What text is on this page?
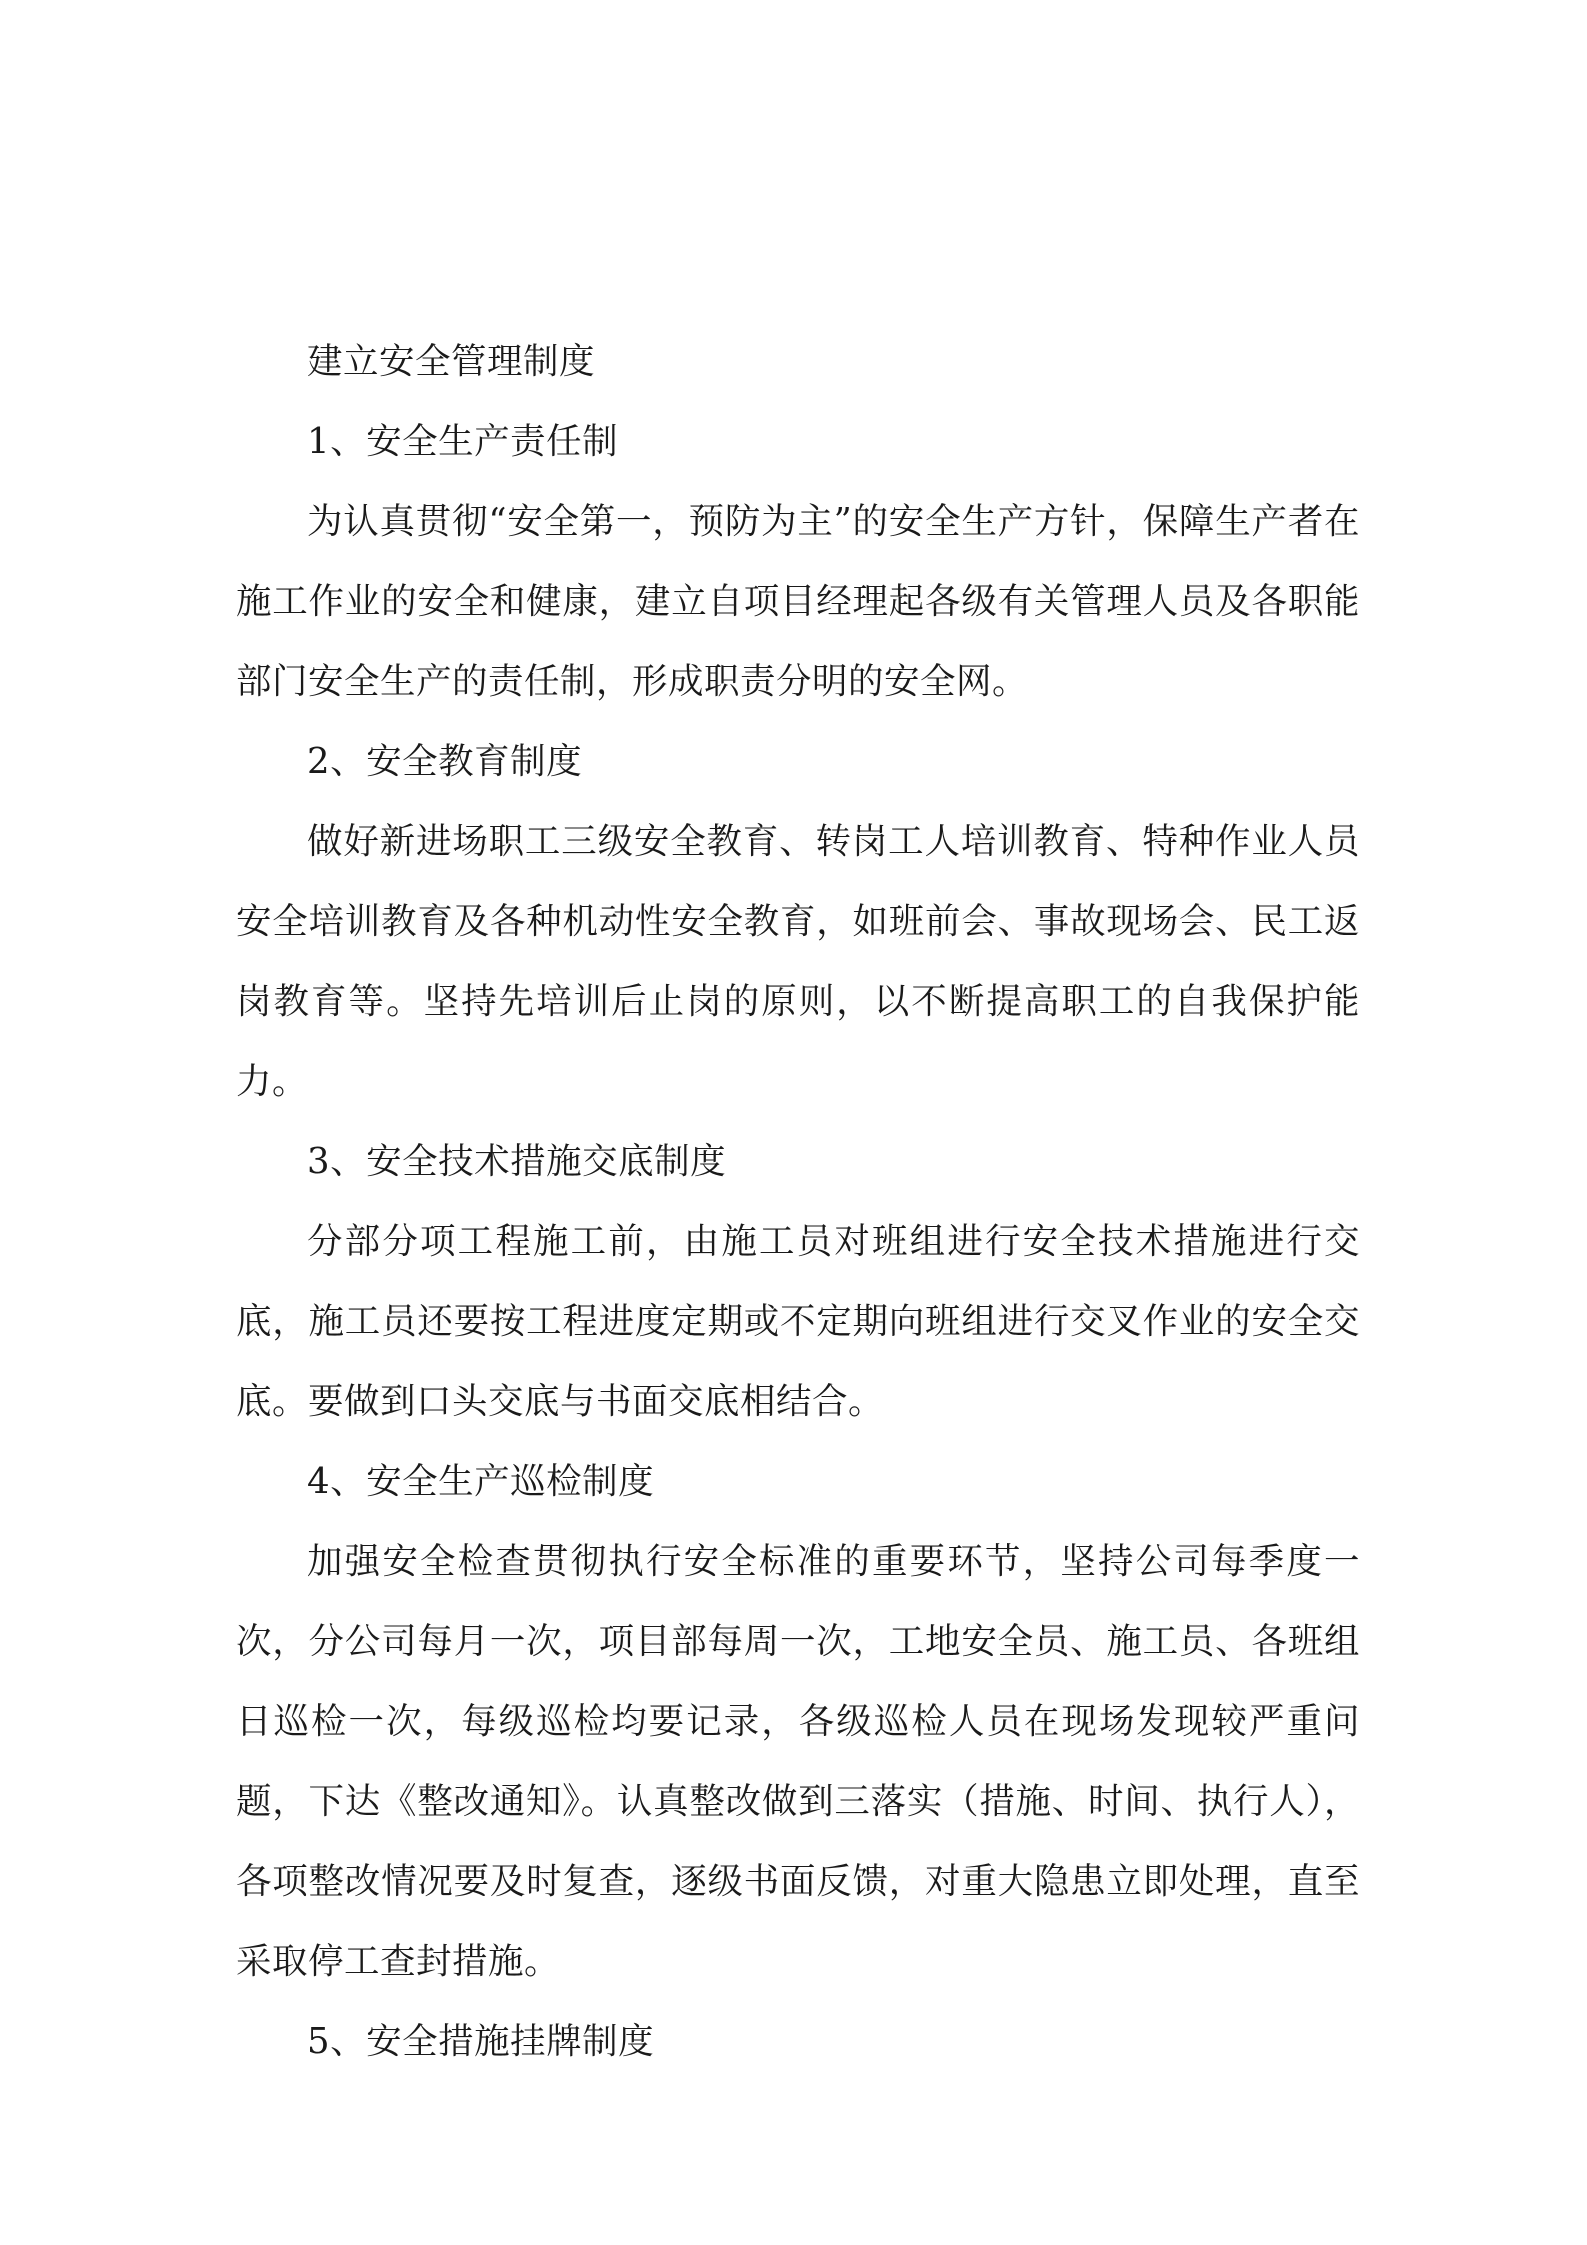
建立安全管理制度

1、安全生产责任制

为认真贯彻“安全第一，预防为主”的安全生产方针，保障生产者在施工作业的安全和健康，建立自项目经理起各级有关管理人员及各职能部门安全生产的责任制，形成职责分明的安全网。

2、安全教育制度

做好新进场职工三级安全教育、转岗工人培训教育、特种作业人员安全培训教育及各种机动性安全教育，如班前会、事故现场会、民工返岗教育等。坚持先培训后止岗的原则，以不断提高职工的自我保护能力。

3、安全技术措施交底制度

分部分项工程施工前，由施工员对班组进行安全技术措施进行交底，施工员还要按工程进度定期或不定期向班组进行交叉作业的安全交底。要做到口头交底与书面交底相结合。

4、安全生产巡检制度

加强安全检查贯彻执行安全标准的重要环节，坚持公司每季度一次，分公司每月一次，项目部每周一次，工地安全员、施工员、各班组日巡检一次，每级巡检均要记录，各级巡检人员在现场发现较严重问题，下达《整改通知》。认真整改做到三落实（措施、时间、执行人），各项整改情况要及时复查，逐级书面反馈，对重大隐患立即处理，直至采取停工查封措施。

5、安全措施挂牌制度
